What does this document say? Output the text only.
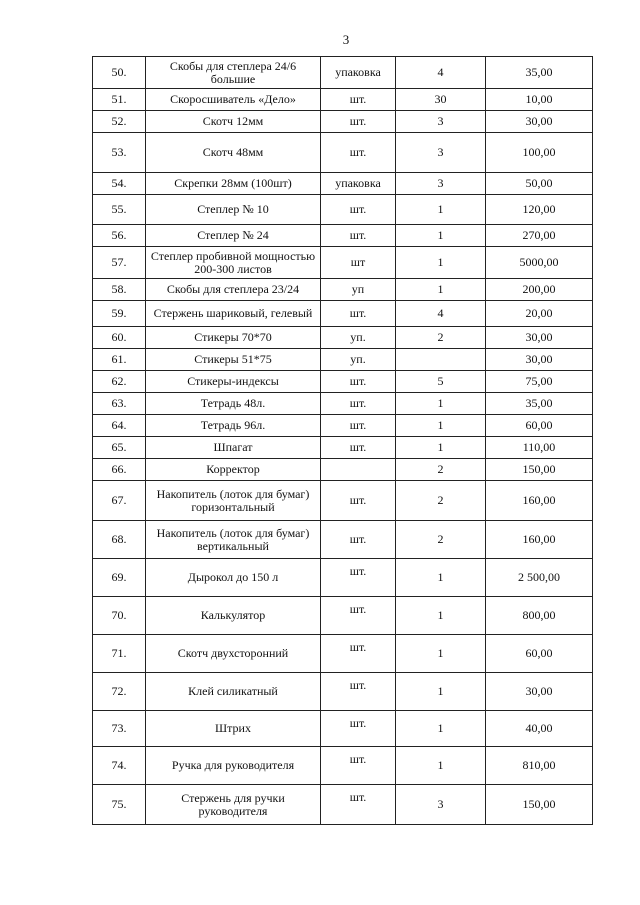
3
50.	Скобы для степлера 24/6 большие	упаковка	4	35,00
51.	Скоросшиватель «Дело»	шт.	30	10,00
52.	Скотч 12мм	шт.	3	30,00
53.	Скотч 48мм	шт.	3	100,00
54.	Скрепки 28мм (100шт)	упаковка	3	50,00
55.	Степлер № 10	шт.	1	120,00
56.	Степлер № 24	шт.	1	270,00
57.	Степлер пробивной мощностью 200-300 листов	шт	1	5000,00
58.	Скобы для степлера 23/24	уп	1	200,00
59.	Стержень шариковый, гелевый	шт.	4	20,00
60.	Стикеры 70*70	уп.	2	30,00
61.	Стикеры 51*75	уп.		30,00
62.	Стикеры-индексы	шт.	5	75,00
63.	Тетрадь 48л.	шт.	1	35,00
64.	Тетрадь 96л.	шт.	1	60,00
65.	Шпагат	шт.	1	110,00
66.	Корректор		2	150,00
67.	Накопитель (лоток для бумаг) горизонтальный	шт.	2	160,00
68.	Накопитель (лоток для бумаг) вертикальный	шт.	2	160,00
69.	Дырокол до 150 л	шт.	1	2 500,00
70.	Калькулятор	шт.	1	800,00
71.	Скотч двухсторонний	шт.	1	60,00
72.	Клей силикатный	шт.	1	30,00
73.	Штрих	шт.	1	40,00
74.	Ручка для руководителя	шт.	1	810,00
75.	Стержень для ручки руководителя	шт.	3	150,00
